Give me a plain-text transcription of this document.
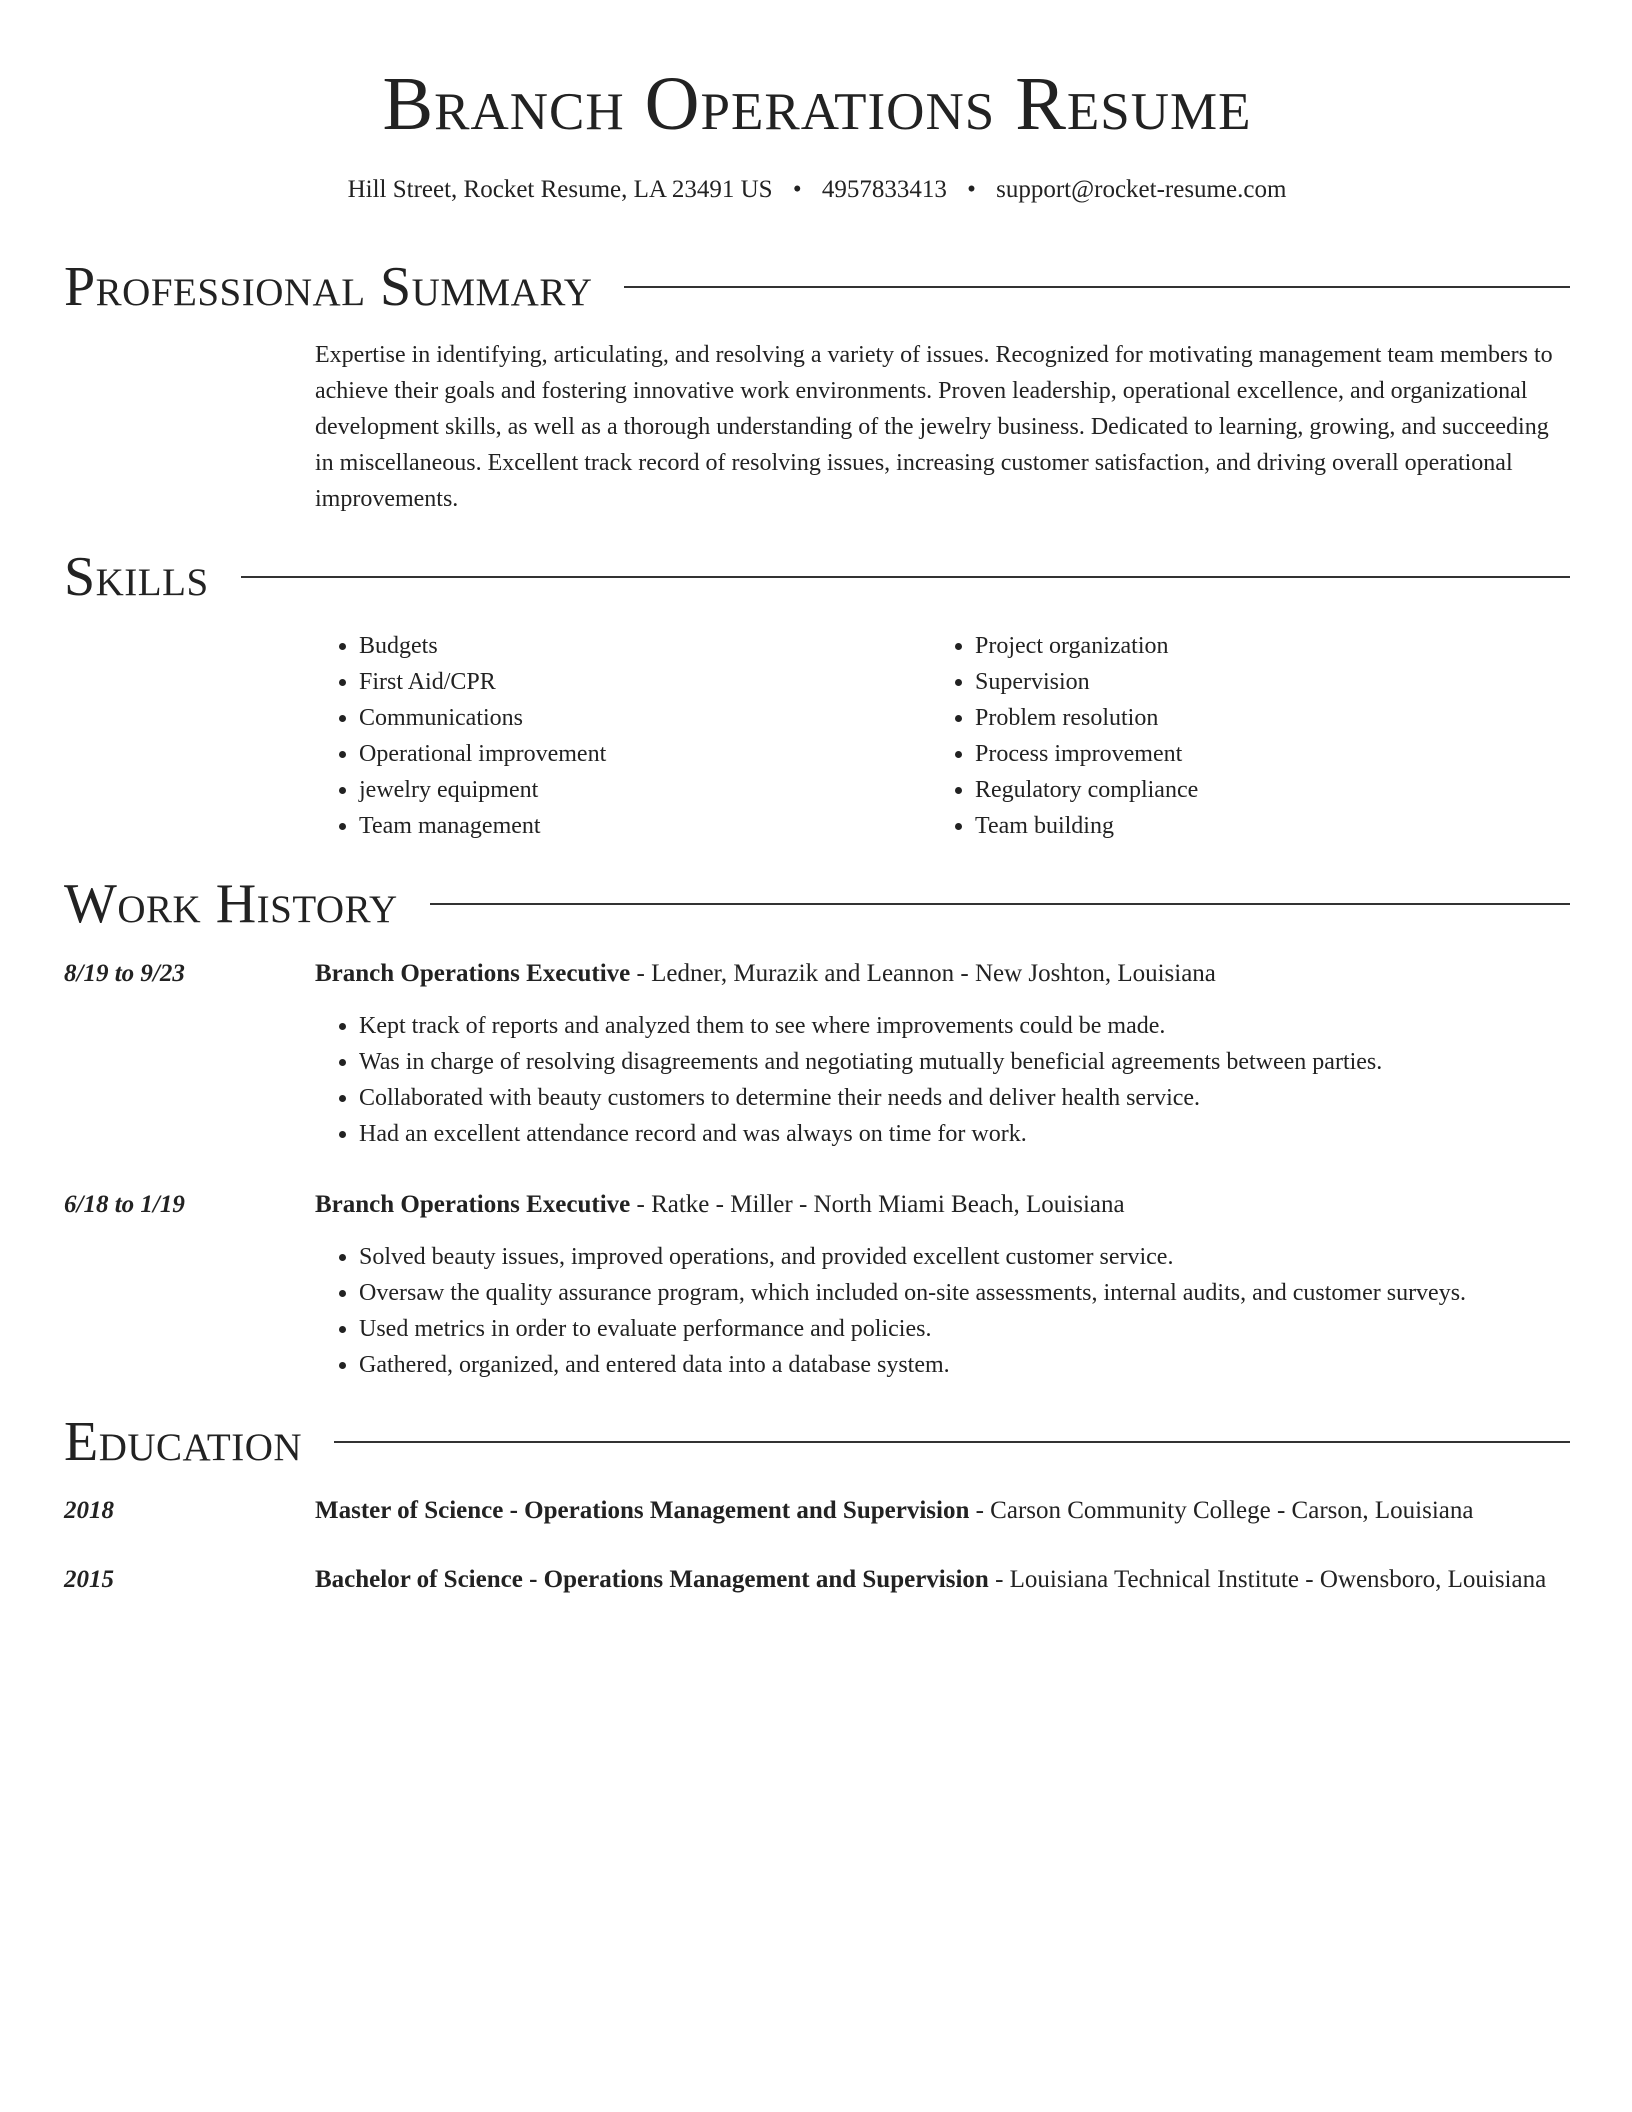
Branch Operations Resume
Hill Street, Rocket Resume, LA 23491 US • 4957833413 • support@rocket-resume.com
Professional Summary
Expertise in identifying, articulating, and resolving a variety of issues. Recognized for motivating management team members to achieve their goals and fostering innovative work environments. Proven leadership, operational excellence, and organizational development skills, as well as a thorough understanding of the jewelry business. Dedicated to learning, growing, and succeeding in miscellaneous. Excellent track record of resolving issues, increasing customer satisfaction, and driving overall operational improvements.
Skills
• Budgets
• First Aid/CPR
• Communications
• Operational improvement
• jewelry equipment
• Team management
• Project organization
• Supervision
• Problem resolution
• Process improvement
• Regulatory compliance
• Team building
Work History
8/19 to 9/23	Branch Operations Executive - Ledner, Murazik and Leannon - New Joshton, Louisiana
• Kept track of reports and analyzed them to see where improvements could be made.
• Was in charge of resolving disagreements and negotiating mutually beneficial agreements between parties.
• Collaborated with beauty customers to determine their needs and deliver health service.
• Had an excellent attendance record and was always on time for work.
6/18 to 1/19	Branch Operations Executive - Ratke - Miller - North Miami Beach, Louisiana
• Solved beauty issues, improved operations, and provided excellent customer service.
• Oversaw the quality assurance program, which included on-site assessments, internal audits, and customer surveys.
• Used metrics in order to evaluate performance and policies.
• Gathered, organized, and entered data into a database system.
Education
2018	Master of Science - Operations Management and Supervision - Carson Community College - Carson, Louisiana
2015	Bachelor of Science - Operations Management and Supervision - Louisiana Technical Institute - Owensboro, Louisiana
